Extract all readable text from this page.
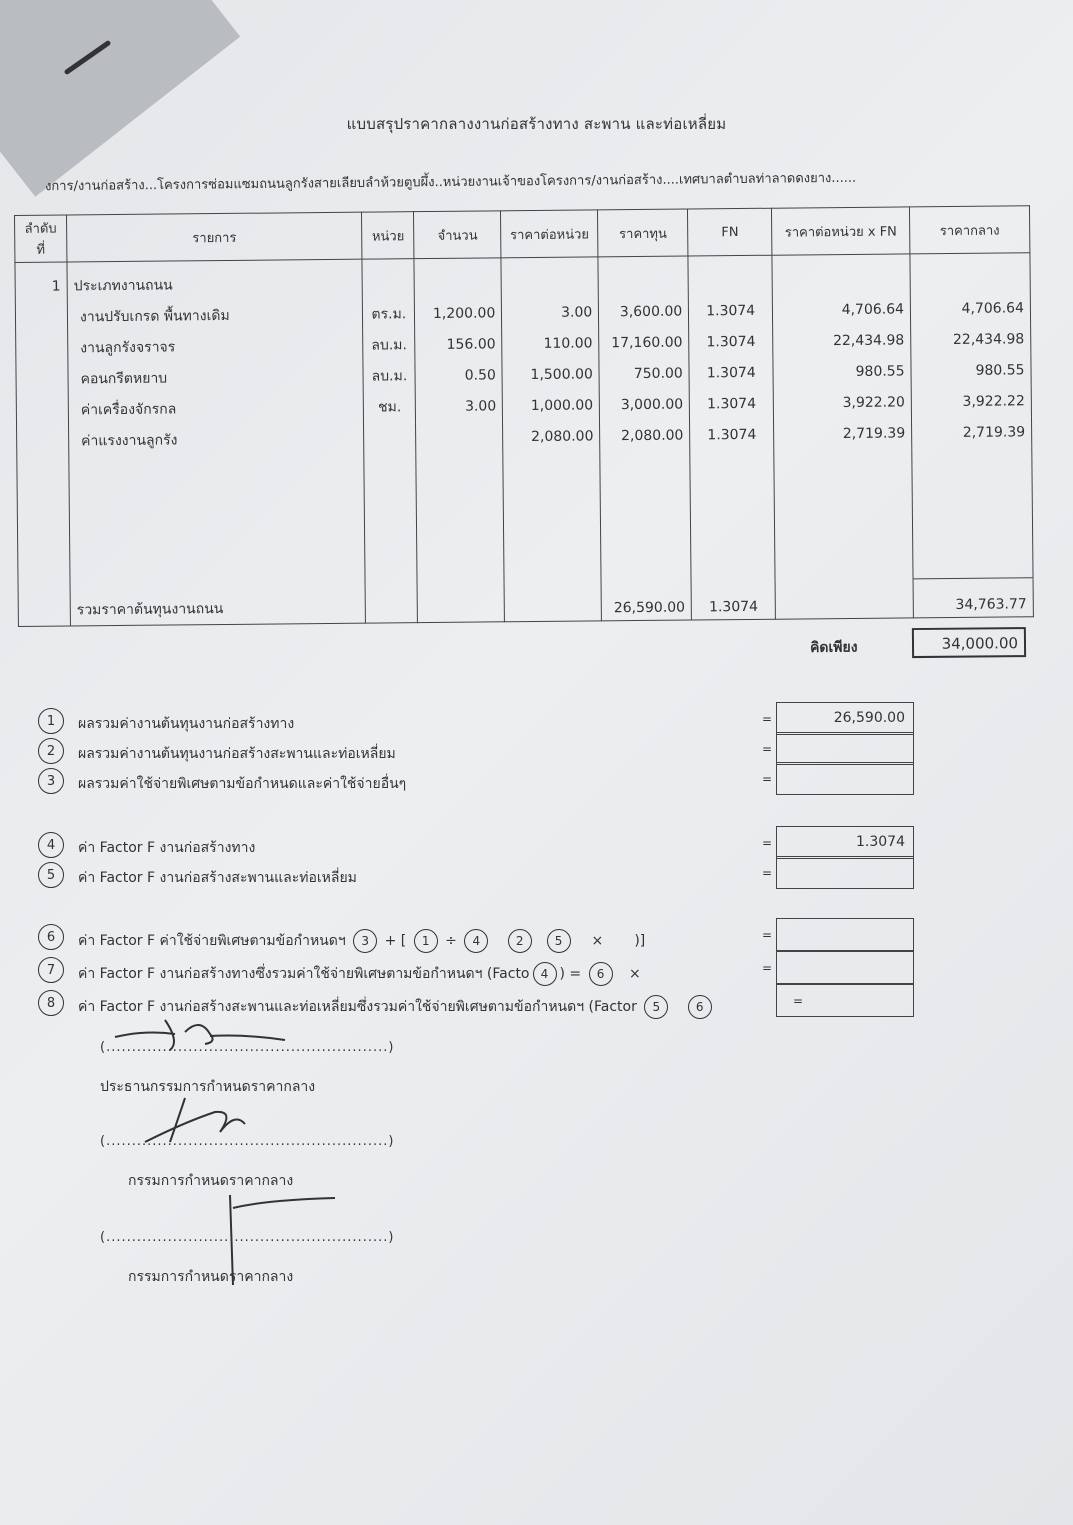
แบบสรุปราคากลางงานก่อสร้างทาง สะพาน และท่อเหลี่ยม
งการ/งานก่อสร้าง...โครงการซ่อมแซมถนนลูกรังสายเลียบลำห้วยตูบผึ้ง..หน่วยงานเจ้าของโครงการ/งานก่อสร้าง....เทศบาลตำบลท่าลาดดงยาง......
ลำดับที่	รายการ	หน่วย	จำนวน	ราคาต่อหน่วย	ราคาทุน	FN	ราคาต่อหน่วย x FN	ราคากลาง
1	ประเภทงานถนน							
	งานปรับเกรด พื้นทางเดิม	ตร.ม.	1,200.00	3.00	3,600.00	1.3074	4,706.64	4,706.64
	งานลูกรังจราจร	ลบ.ม.	156.00	110.00	17,160.00	1.3074	22,434.98	22,434.98
	คอนกรีตหยาบ	ลบ.ม.	0.50	1,500.00	750.00	1.3074	980.55	980.55
	ค่าเครื่องจักรกล	ชม.	3.00	1,000.00	3,000.00	1.3074	3,922.20	3,922.22
	ค่าแรงงานลูกรัง			2,080.00	2,080.00	1.3074	2,719.39	2,719.39

	รวมราคาต้นทุนงานถนน				26,590.00	1.3074		34,763.77
คิดเพียง	34,000.00
1	ผลรวมค่างานต้นทุนงานก่อสร้างทาง	=	26,590.00
2	ผลรวมค่างานต้นทุนงานก่อสร้างสะพานและท่อเหลี่ยม	=
3	ผลรวมค่าใช้จ่ายพิเศษตามข้อกำหนดและค่าใช้จ่ายอื่นๆ	=
4	ค่า Factor F งานก่อสร้างทาง	=	1.3074
5	ค่า Factor F งานก่อสร้างสะพานและท่อเหลี่ยม	=
6	ค่า Factor F ค่าใช้จ่ายพิเศษตามข้อกำหนดฯ 3 + [ 1 ÷ 4	2	5 × )]	=
7	ค่า Factor F งานก่อสร้างทางซึ่งรวมค่าใช้จ่ายพิเศษตามข้อกำหนดฯ (Facto 4 ) = 6 ×	=
8	ค่า Factor F งานก่อสร้างสะพานและท่อเหลี่ยมซึ่งรวมค่าใช้จ่ายพิเศษตามข้อกำหนดฯ (Factor 5	6	=
(.......................................................)
ประธานกรรมการกำหนดราคากลาง
(.......................................................)
กรรมการกำหนดราคากลาง
(.......................................................)
กรรมการกำหนดราคากลาง
